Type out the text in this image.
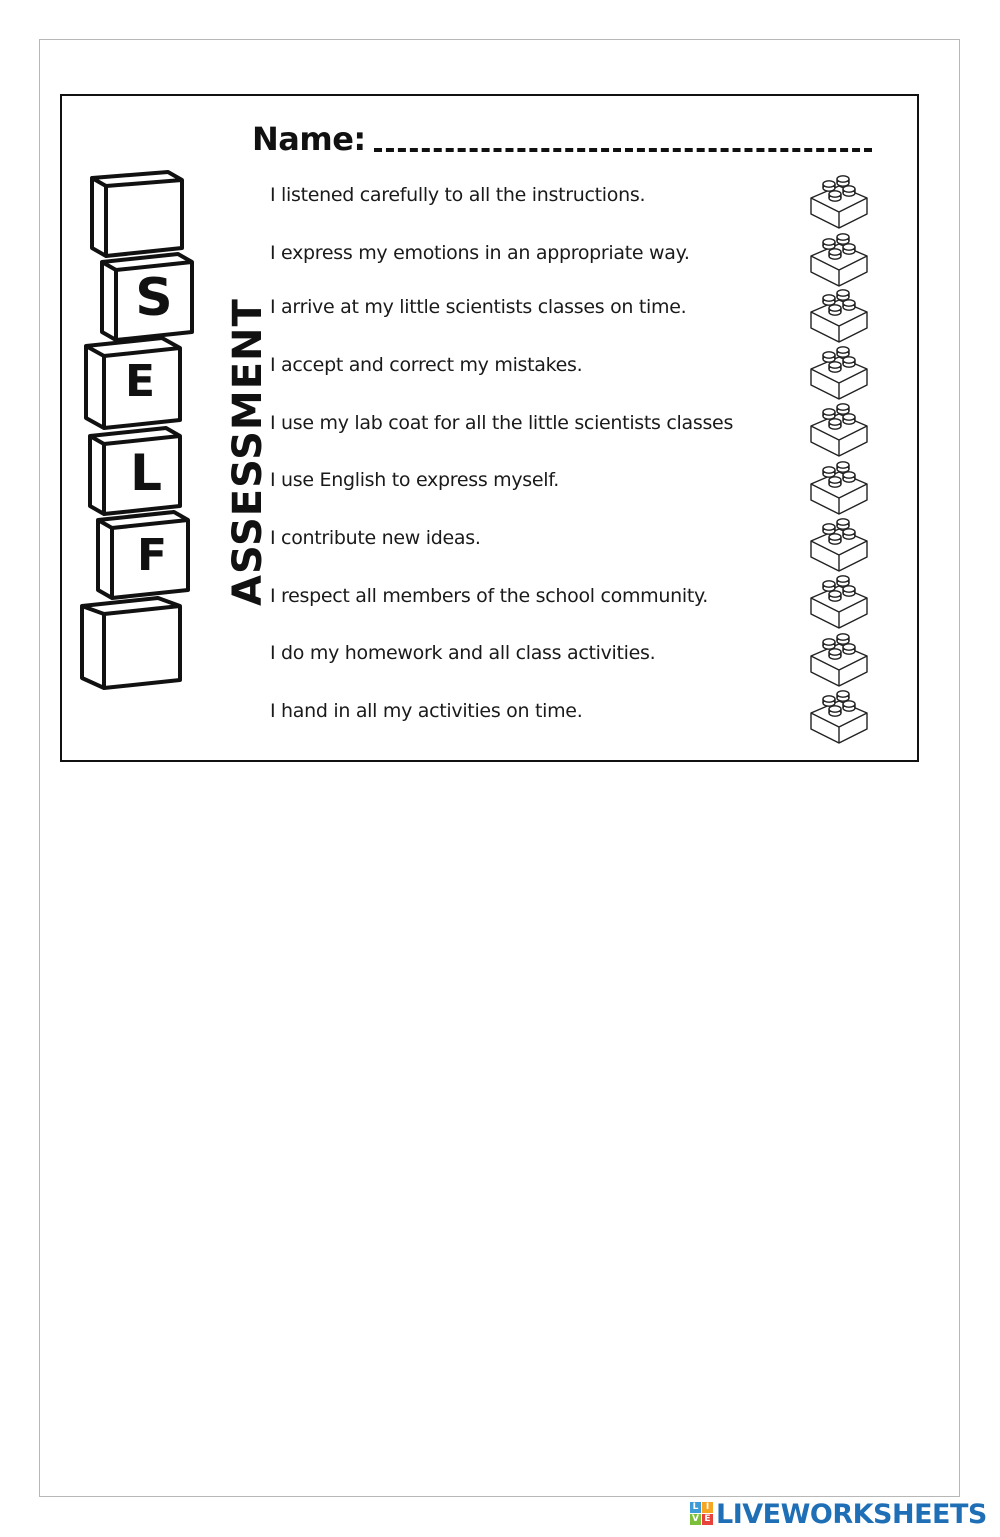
S
E
L
F	ASSESSMENT
Name:
I listened carefully to all the instructions.
I express my emotions in an appropriate way.
I arrive at my little scientists classes on time.
I accept and correct my mistakes.
I use my lab coat for all the little scientists classes
I use English to express myself.
I contribute new ideas.
I respect all members of the school community.
I do my homework and all class activities.
I hand in all my activities on time.
L I
V E LIVEWORKSHEETS
